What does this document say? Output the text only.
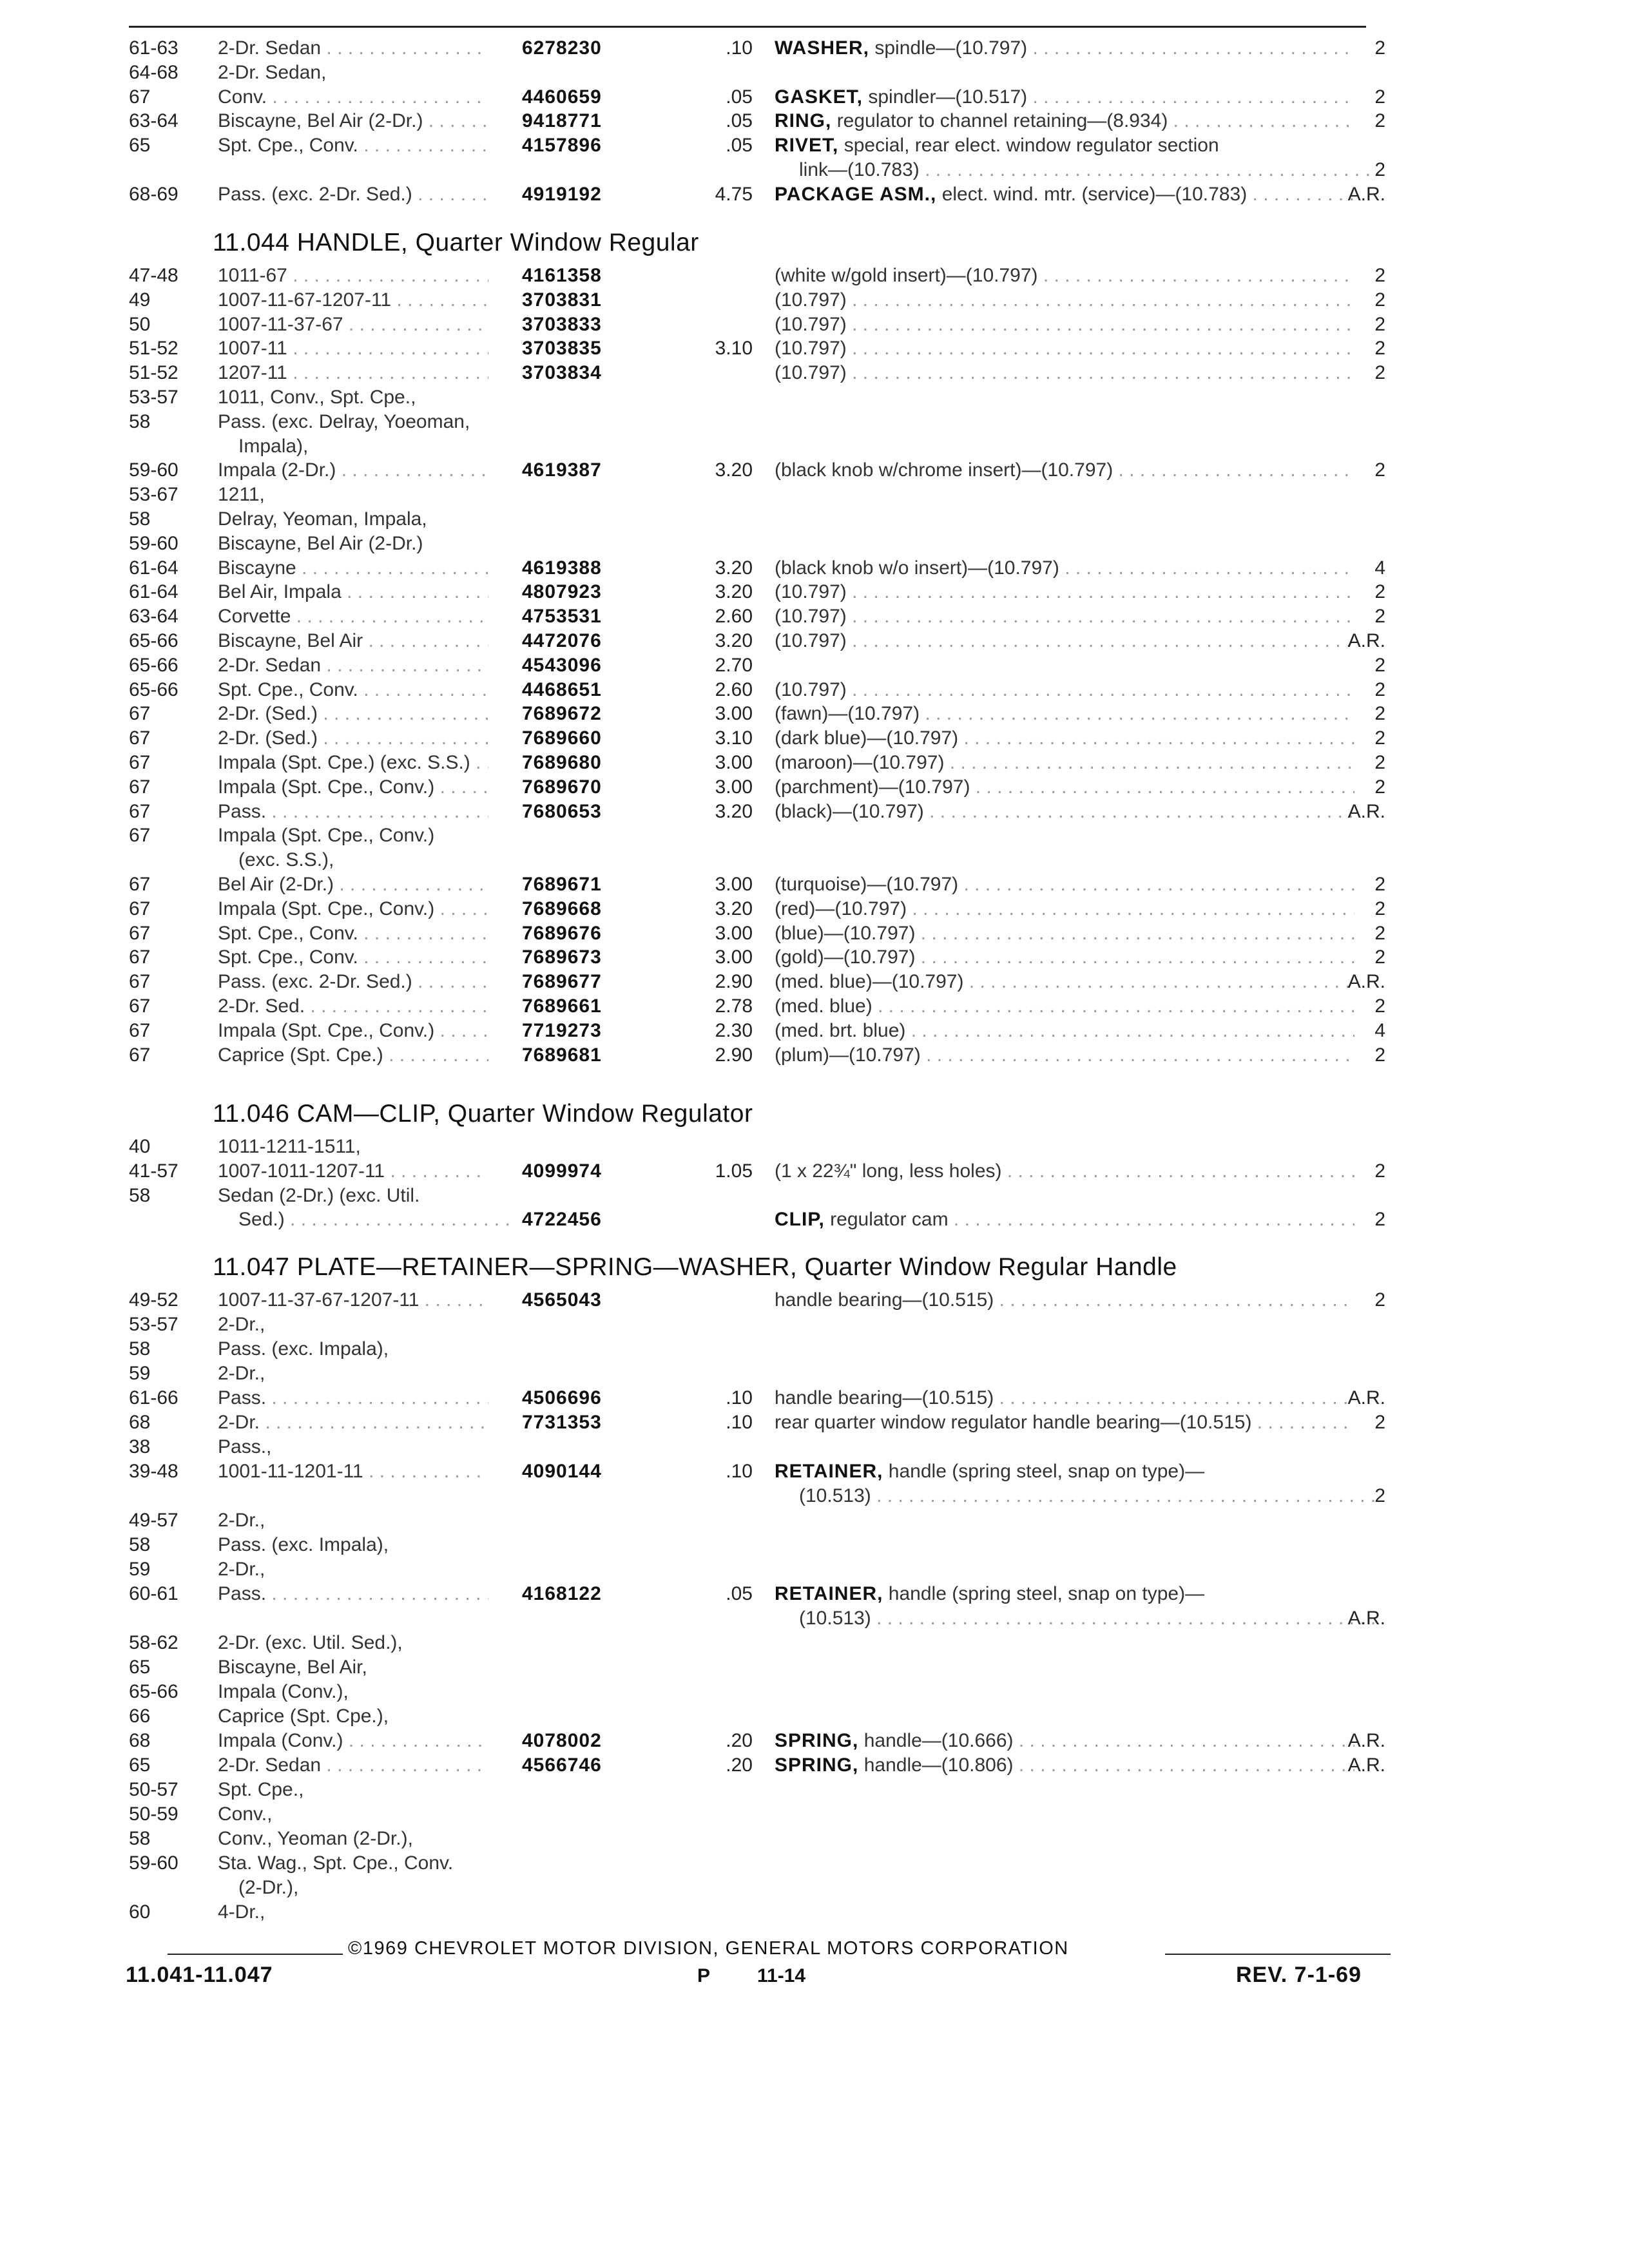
61-63 2-Dr. Sedan . . .	6278230	.10 WASHER, spindle—(10.797) . . .	2
64-68 2-Dr. Sedan,
67	Conv. . . .	4460659	.05 GASKET, spindler—(10.517) . . .	2
63-64 Biscayne, Bel Air (2-Dr.) . . .	9418771	.05 RING, regulator to channel retaining—(8.934) . . .	2
65	Spt. Cpe., Conv. . . .	4157896	.05 RIVET, special, rear elect. window regulator section
link—(10.783) . . .	2
68-69 Pass. (exc. 2-Dr. Sed.) . . .	4919192	4.75 PACKAGE ASM., elect. wind. mtr. (service)—(10.783) . . .	A.R.
11.044 HANDLE, Quarter Window Regular
47-48 1011-67 . . .	4161358	(white w/gold insert)—(10.797) . . .	2
49	1007-11-67-1207-11 . . .	3703831	(10.797) . . .	2
50	1007-11-37-67 . . .	3703833	(10.797) . . .	2
51-52 1007-11 . . .	3703835	3.10 (10.797) . . .	2
51-52 1207-11 . . .	3703834	(10.797) . . .	2
53-57 1011, Conv., Spt. Cpe.,
58	Pass. (exc. Delray, Yoeoman,
Impala),
59-60 Impala (2-Dr.) . . .	4619387	3.20 (black knob w/chrome insert)—(10.797) . . .	2
53-67 1211,
58	Delray, Yeoman, Impala,
59-60 Biscayne, Bel Air (2-Dr.)
61-64 Biscayne . . .	4619388	3.20 (black knob w/o insert)—(10.797) . . .	4
61-64 Bel Air, Impala . . .	4807923	3.20 (10.797) . . .	2
63-64 Corvette . . .	4753531	2.60 (10.797) . . .	2
65-66 Biscayne, Bel Air . . .	4472076	3.20 (10.797) . . .	A.R.
65-66 2-Dr. Sedan . . .	4543096	2.70	2
65-66 Spt. Cpe., Conv. . . .	4468651	2.60 (10.797) . . .	2
67	2-Dr. (Sed.) . . .	7689672	3.00 (fawn)—(10.797) . . .	2
67	2-Dr. (Sed.) . . .	7689660	3.10 (dark blue)—(10.797) . . .	2
67	Impala (Spt. Cpe.) (exc. S.S.) . . .	7689680	3.00 (maroon)—(10.797) . . .	2
67	Impala (Spt. Cpe., Conv.) . . .	7689670	3.00 (parchment)—(10.797) . . .	2
67	Pass. . . .	7680653	3.20 (black)—(10.797) . . .	A.R.
67	Impala (Spt. Cpe., Conv.)
(exc. S.S.),
67	Bel Air (2-Dr.) . . .	7689671	3.00 (turquoise)—(10.797) . . .	2
67	Impala (Spt. Cpe., Conv.) . . .	7689668	3.20 (red)—(10.797) . . .	2
67	Spt. Cpe., Conv. . . .	7689676	3.00 (blue)—(10.797) . . .	2
67	Spt. Cpe., Conv. . . .	7689673	3.00 (gold)—(10.797) . . .	2
67	Pass. (exc. 2-Dr. Sed.) . . .	7689677	2.90 (med. blue)—(10.797) . . .	A.R.
67	2-Dr. Sed. . . .	7689661	2.78 (med. blue) . . .	2
67	Impala (Spt. Cpe., Conv.) . . .	7719273	2.30 (med. brt. blue) . . .	4
67	Caprice (Spt. Cpe.) . . .	7689681	2.90 (plum)—(10.797) . . .	2
11.046 CAM—CLIP, Quarter Window Regulator
40	1011-1211-1511,
41-57 1007-1011-1207-11 . . .	4099974	1.05 (1 x 22¾" long, less holes) . . .	2
58	Sedan (2-Dr.) (exc. Util.
Sed.) . . .	4722456	CLIP, regulator cam . . .	2
11.047 PLATE—RETAINER—SPRING—WASHER, Quarter Window Regular Handle
49-52 1007-11-37-67-1207-11 . . .	4565043	handle bearing—(10.515) . . .	2
53-57 2-Dr.,
58	Pass. (exc. Impala),
59	2-Dr.,
61-66 Pass. . . .	4506696	.10 handle bearing—(10.515) . . .	A.R.
68	2-Dr. . . .	7731353	.10 rear quarter window regulator handle bearing—(10.515) . . .	2
38	Pass.,
39-48 1001-11-1201-11 . . .	4090144	.10 RETAINER, handle (spring steel, snap on type)—
(10.513) . . .	2
49-57 2-Dr.,
58	Pass. (exc. Impala),
59	2-Dr.,
60-61 Pass. . . .	4168122	.05 RETAINER, handle (spring steel, snap on type)—
(10.513) . . .	A.R.
58-62 2-Dr. (exc. Util. Sed.),
65	Biscayne, Bel Air,
65-66 Impala (Conv.),
66	Caprice (Spt. Cpe.),
68	Impala (Conv.) . . .	4078002	.20 SPRING, handle—(10.666) . . .	A.R.
65	2-Dr. Sedan . . .	4566746	.20 SPRING, handle—(10.806) . . .	A.R.
50-57 Spt. Cpe.,
50-59 Conv.,
58	Conv., Yeoman (2-Dr.),
59-60 Sta. Wag., Spt. Cpe., Conv.
(2-Dr.),
60	4-Dr.,
©1969 CHEVROLET MOTOR DIVISION, GENERAL MOTORS CORPORATION
11.041-11.047	P 11-14	REV. 7-1-69
